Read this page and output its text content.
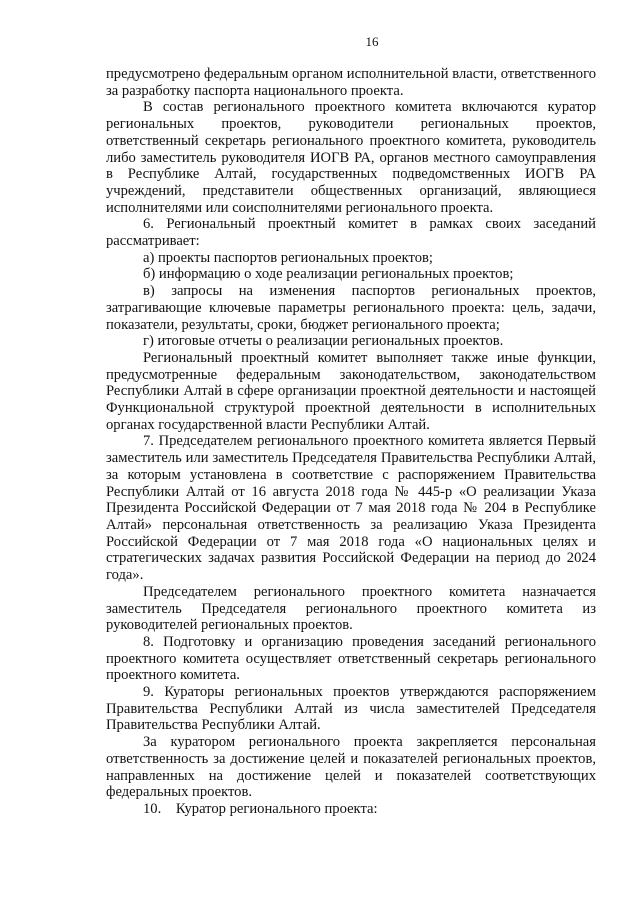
16

предусмотрено федеральным органом исполнительной власти, ответственного за разработку паспорта национального проекта.

В состав регионального проектного комитета включаются куратор региональных проектов, руководители региональных проектов, ответственный секретарь регионального проектного комитета, руководитель либо заместитель руководителя ИОГВ РА, органов местного самоуправления в Республике Алтай, государственных подведомственных ИОГВ РА учреждений, представители общественных организаций, являющиеся исполнителями или соисполнителями регионального проекта.

6. Региональный проектный комитет в рамках своих заседаний рассматривает:

а) проекты паспортов региональных проектов;

б) информацию о ходе реализации региональных проектов;

в) запросы на изменения паспортов региональных проектов, затрагивающие ключевые параметры регионального проекта: цель, задачи, показатели, результаты, сроки, бюджет регионального проекта;

г) итоговые отчеты о реализации региональных проектов.

Региональный проектный комитет выполняет также иные функции, предусмотренные федеральным законодательством, законодательством Республики Алтай в сфере организации проектной деятельности и настоящей Функциональной структурой проектной деятельности в исполнительных органах государственной власти Республики Алтай.

7. Председателем регионального проектного комитета является Первый заместитель или заместитель Председателя Правительства Республики Алтай, за которым установлена в соответствие с распоряжением Правительства Республики Алтай от 16 августа 2018 года № 445-р «О реализации Указа Президента Российской Федерации от 7 мая 2018 года № 204 в Республике Алтай» персональная ответственность за реализацию Указа Президента Российской Федерации от 7 мая 2018 года «О национальных целях и стратегических задачах развития Российской Федерации на период до 2024 года».

Председателем регионального проектного комитета назначается заместитель Председателя регионального проектного комитета из руководителей региональных проектов.

8. Подготовку и организацию проведения заседаний регионального проектного комитета осуществляет ответственный секретарь регионального проектного комитета.

9. Кураторы региональных проектов утверждаются распоряжением Правительства Республики Алтай из числа заместителей Председателя Правительства Республики Алтай.

За куратором регионального проекта закрепляется персональная ответственность за достижение целей и показателей региональных проектов, направленных на достижение целей и показателей соответствующих федеральных проектов.

10.    Куратор регионального проекта:
